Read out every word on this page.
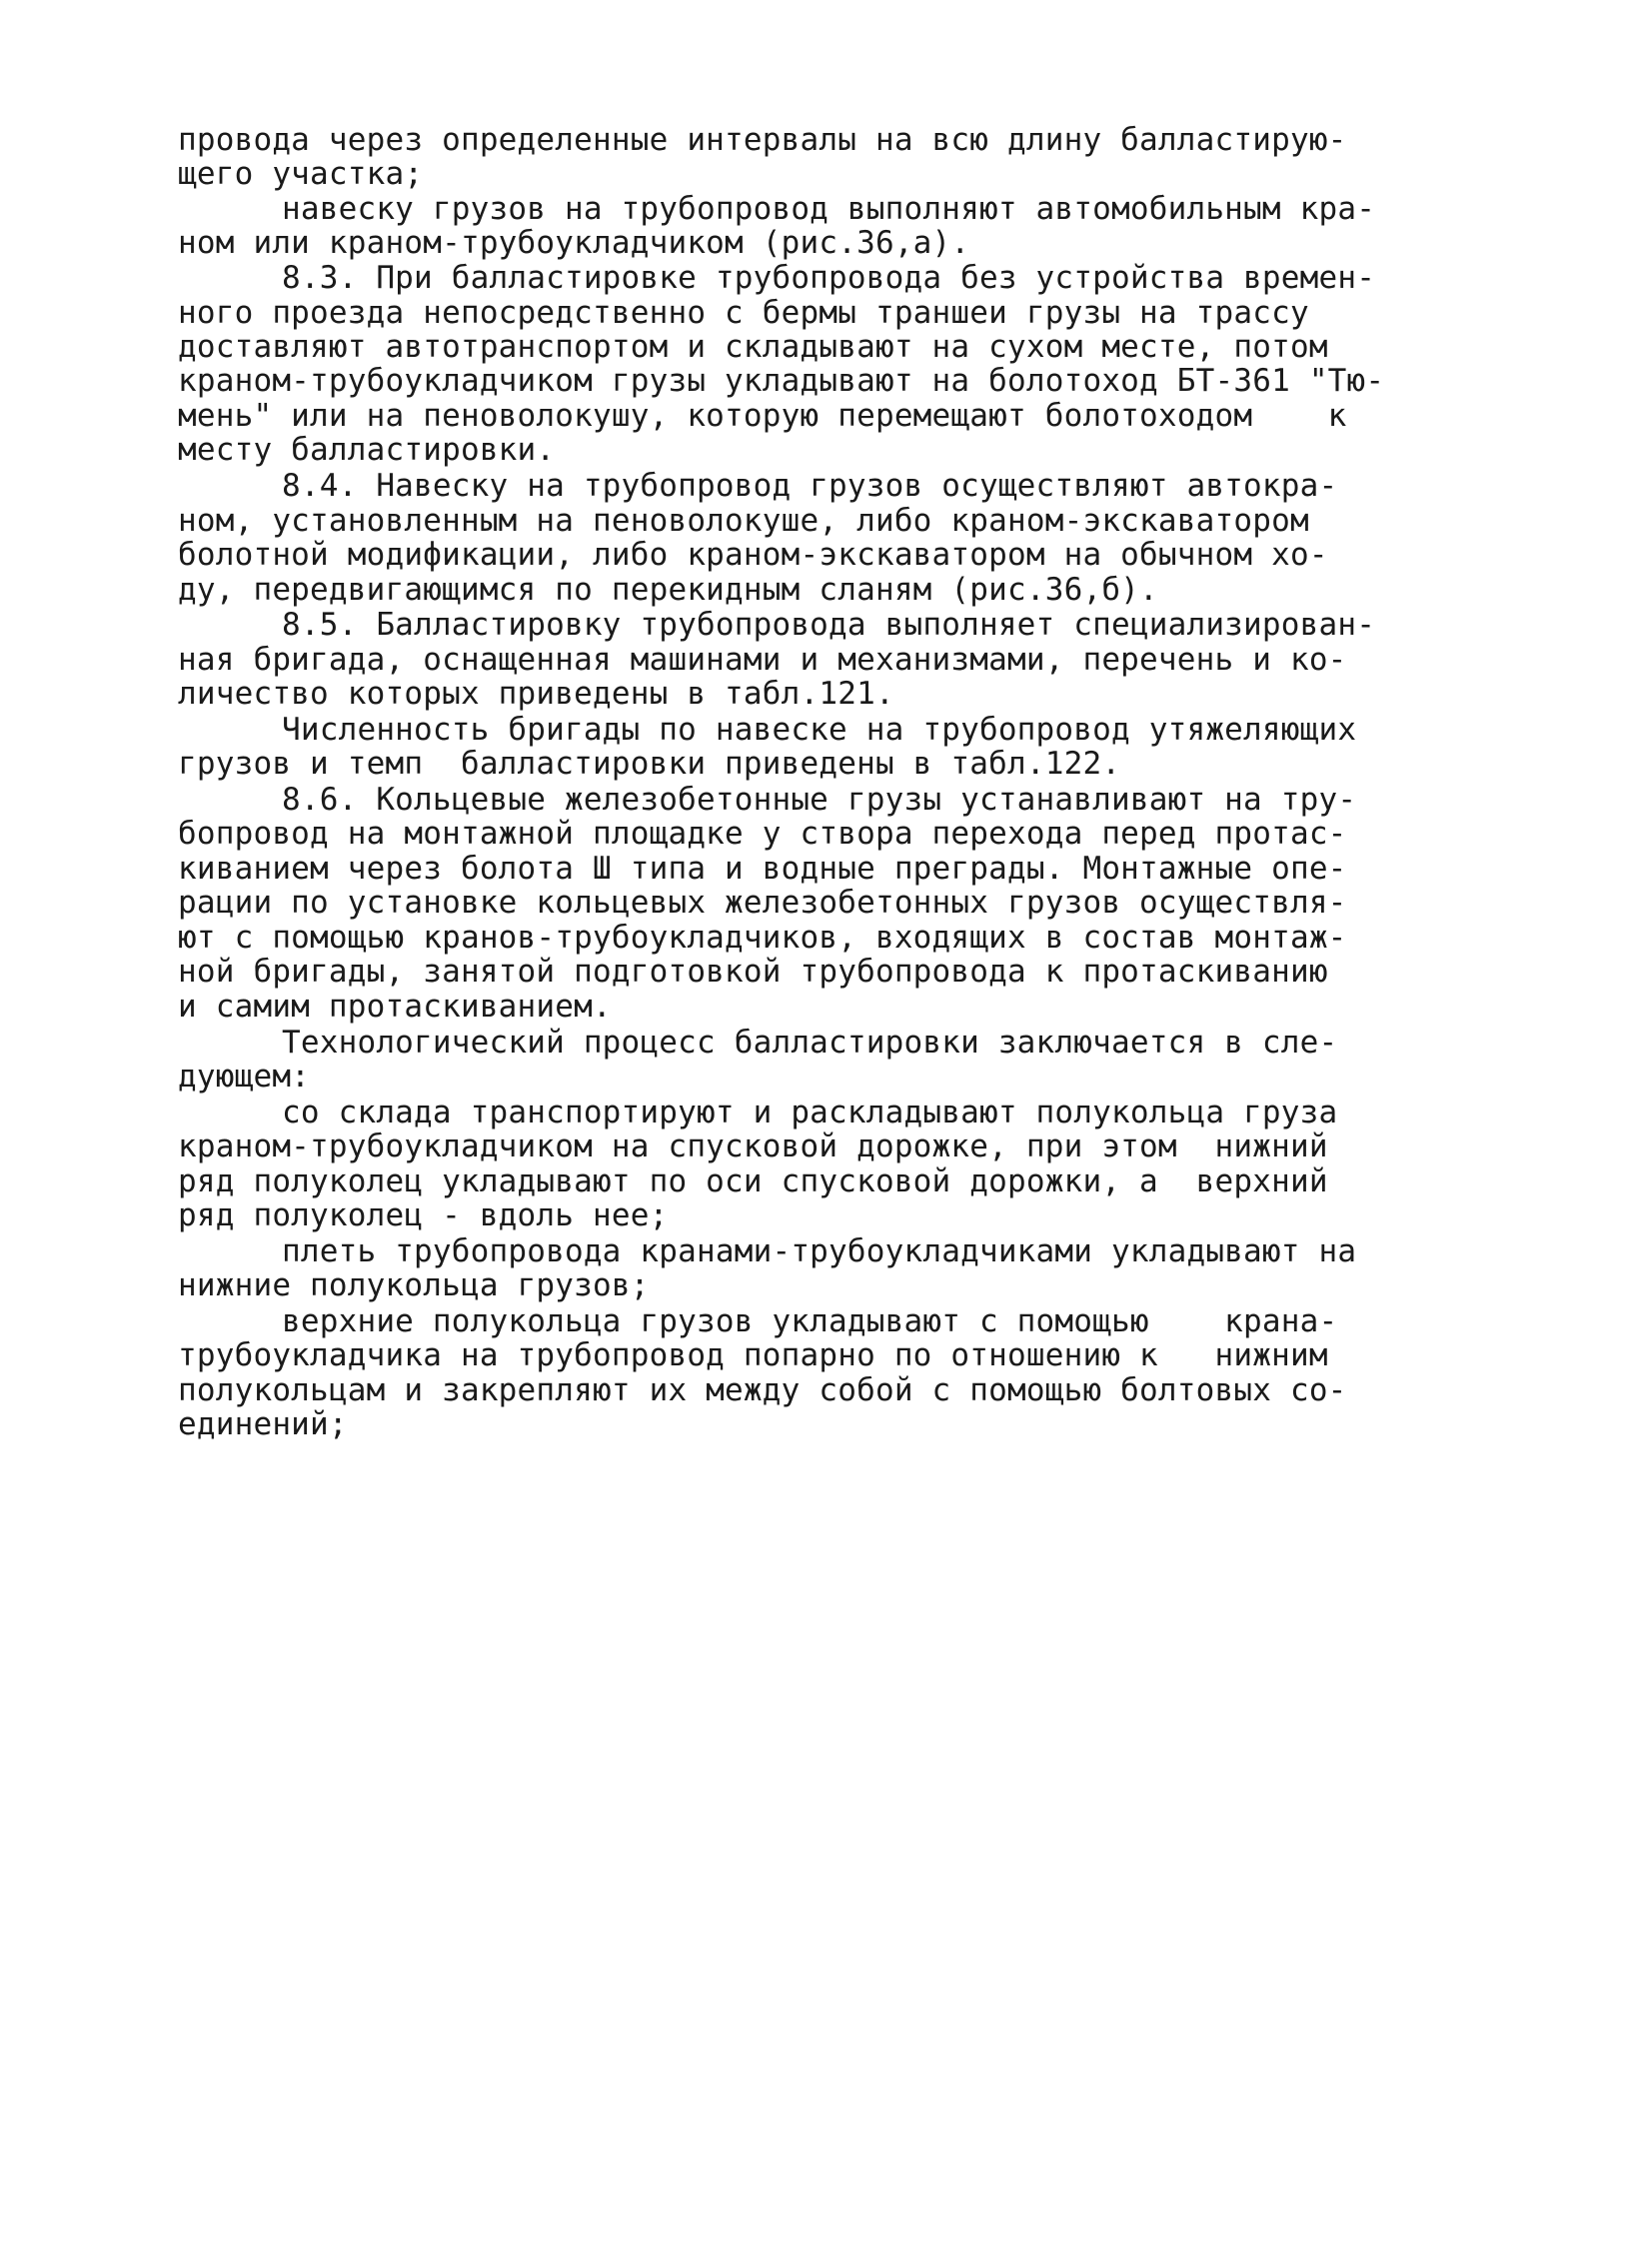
провода через определенные интервалы на всю длину балластирую-
щего участка;
навеску грузов на трубопровод выполняют автомобильным кра-
ном или краном-трубоукладчиком (рис.36,а).
8.3. При балластировке трубопровода без устройства времен-
ного проезда непосредственно с бермы траншеи грузы на трассу
доставляют автотранспортом и складывают на сухом месте, потом
краном-трубоукладчиком грузы укладывают на болотоход БТ-361 "Тю-
мень" или на пеноволокушу, которую перемещают болотоходом    к
месту балластировки.
8.4. Навеску на трубопровод грузов осуществляют автокра-
ном, установленным на пеноволокуше, либо краном-экскаватором
болотной модификации, либо краном-экскаватором на обычном хо-
ду, передвигающимся по перекидным сланям (рис.36,б).
8.5. Балластировку трубопровода выполняет специализирован-
ная бригада, оснащенная машинами и механизмами, перечень и ко-
личество которых приведены в табл.121.
Численность бригады по навеске на трубопровод утяжеляющих
грузов и темп  балластировки приведены в табл.122.
8.6. Кольцевые железобетонные грузы устанавливают на тру-
бопровод на монтажной площадке у створа перехода перед протас-
киванием через болота Ш типа и водные преграды. Монтажные опе-
рации по установке кольцевых железобетонных грузов осуществля-
ют с помощью кранов-трубоукладчиков, входящих в состав монтаж-
ной бригады, занятой подготовкой трубопровода к протаскиванию
и самим протаскиванием.
Технологический процесс балластировки заключается в сле-
дующем:
со склада транспортируют и раскладывают полукольца груза
краном-трубоукладчиком на спусковой дорожке, при этом  нижний
ряд полуколец укладывают по оси спусковой дорожки, а  верхний
ряд полуколец - вдоль нее;
плеть трубопровода кранами-трубоукладчиками укладывают на
нижние полукольца грузов;
верхние полукольца грузов укладывают с помощью    крана-
трубоукладчика на трубопровод попарно по отношению к   нижним
полукольцам и закрепляют их между собой с помощью болтовых со-
единений;
